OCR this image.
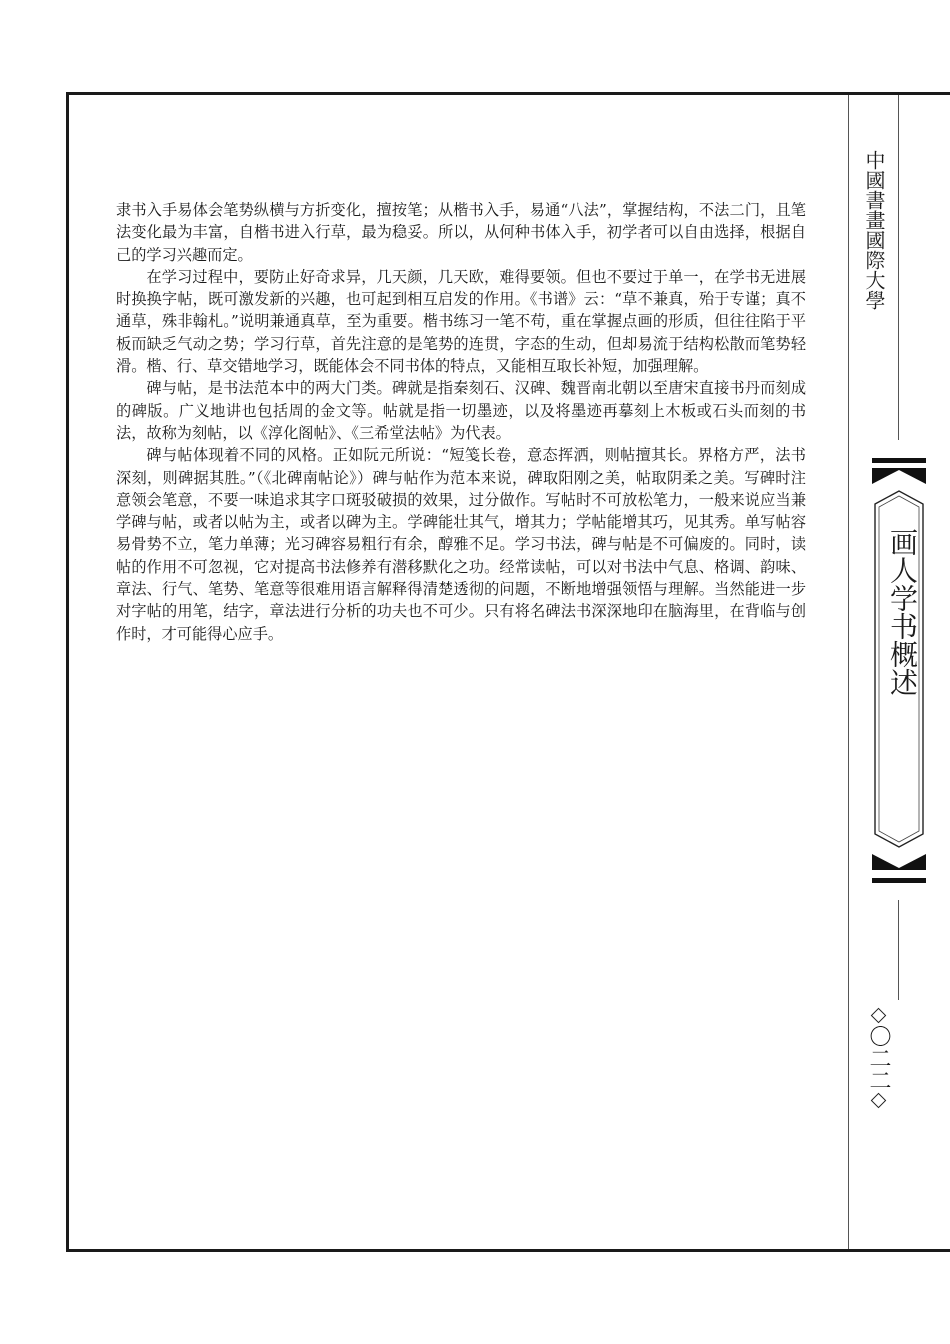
隶书入手易体会笔势纵横与方折变化，擅按笔；从楷书入手，易通“八法”，掌握结构，不法二门，且笔法变化最为丰富，自楷书进入行草，最为稳妥。所以，从何种书体入手，初学者可以自由选择，根据自己的学习兴趣而定。

在学习过程中，要防止好奇求异，几天颜，几天欧，难得要领。但也不要过于单一，在学书无进展时换换字帖，既可激发新的兴趣，也可起到相互启发的作用。《书谱》云：“草不兼真，殆于专谨；真不通草，殊非翰札。”说明兼通真草，至为重要。楷书练习一笔不苟，重在掌握点画的形质，但往往陷于平板而缺乏气动之势；学习行草，首先注意的是笔势的连贯，字态的生动，但却易流于结构松散而笔势轻滑。楷、行、草交错地学习，既能体会不同书体的特点，又能相互取长补短，加强理解。

碑与帖，是书法范本中的两大门类。碑就是指秦刻石、汉碑、魏晋南北朝以至唐宋直接书丹而刻成的碑版。广义地讲也包括周的金文等。帖就是指一切墨迹，以及将墨迹再摹刻上木板或石头而刻的书法，故称为刻帖，以《淳化阁帖》、《三希堂法帖》为代表。

碑与帖体现着不同的风格。正如阮元所说：“短笺长卷，意态挥洒，则帖擅其长。界格方严，法书深刻，则碑据其胜。”（《北碑南帖论》）碑与帖作为范本来说，碑取阳刚之美，帖取阴柔之美。写碑时注意领会笔意，不要一味追求其字口斑驳破损的效果，过分做作。写帖时不可放松笔力，一般来说应当兼学碑与帖，或者以帖为主，或者以碑为主。学碑能壮其气，增其力；学帖能增其巧，见其秀。单写帖容易骨势不立，笔力单薄；光习碑容易粗行有余，醇雅不足。学习书法，碑与帖是不可偏废的。同时，读帖的作用不可忽视，它对提高书法修养有潜移默化之功。经常读帖，可以对书法中气息、格调、韵味、章法、行气、笔势、笔意等很难用语言解释得清楚透彻的问题，不断地增强领悟与理解。当然能进一步对字帖的用笔，结字，章法进行分析的功夫也不可少。只有将名碑法书深深地印在脑海里，在背临与创作时，才可能得心应手。

中國書畫國際大學
画人学书概述
〇二二
